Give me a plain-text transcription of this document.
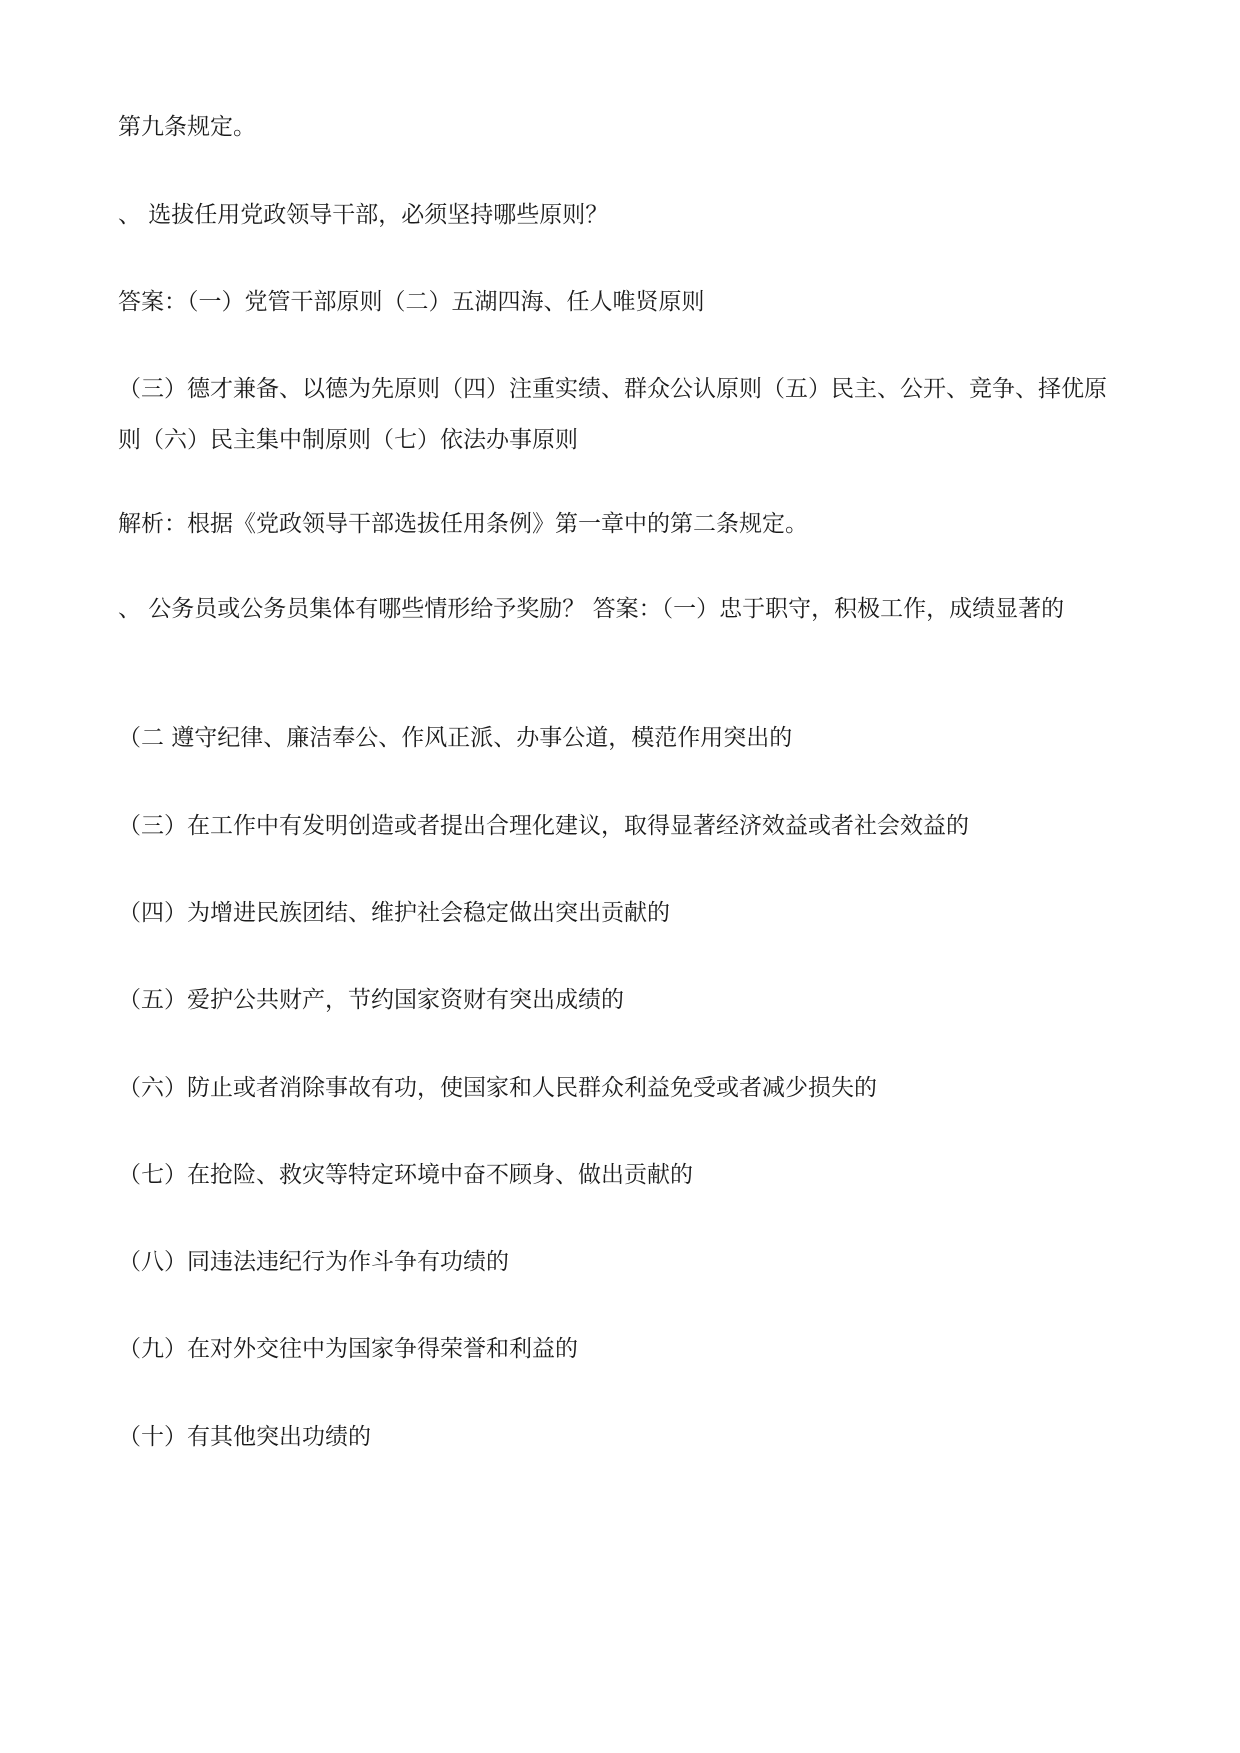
第九条规定。
、 选拔任用党政领导干部，必须坚持哪些原则？
答案：（一）党管干部原则（二）五湖四海、任人唯贤原则
（三）德才兼备、以德为先原则（四）注重实绩、群众公认原则（五）民主、公开、竞争、择优原则（六）民主集中制原则（七）依法办事原则
解析：根据《党政领导干部选拔任用条例》第一章中的第二条规定。
、 公务员或公务员集体有哪些情形给予奖励？ 答案：（一）忠于职守，积极工作，成绩显著的
（二 遵守纪律、廉洁奉公、作风正派、办事公道，模范作用突出的
（三）在工作中有发明创造或者提出合理化建议，取得显著经济效益或者社会效益的
（四）为增进民族团结、维护社会稳定做出突出贡献的
（五）爱护公共财产，节约国家资财有突出成绩的
（六）防止或者消除事故有功，使国家和人民群众利益免受或者减少损失的
（七）在抢险、救灾等特定环境中奋不顾身、做出贡献的
（八）同违法违纪行为作斗争有功绩的
（九）在对外交往中为国家争得荣誉和利益的
（十）有其他突出功绩的
